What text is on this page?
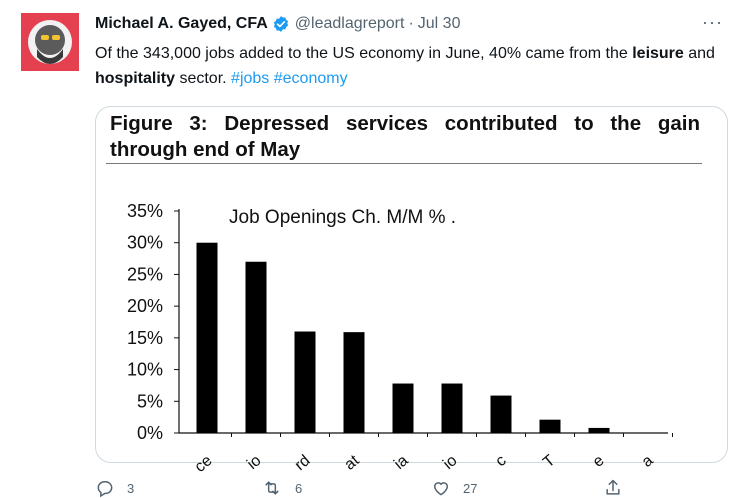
Michael A. Gayed, CFA @leadlagreport · Jul 30	···
Of the 343,000 jobs added to the US economy in June, 40% came from the leisure and hospitality sector. #jobs #economy
Figure 3: Depressed services contributed to the gain
through end of May
Job Openings Ch. M/M % .
35%
30%
25%
20%
15%
10%
5%
0%
ce io rd at ia io c T e a
3	6	27
